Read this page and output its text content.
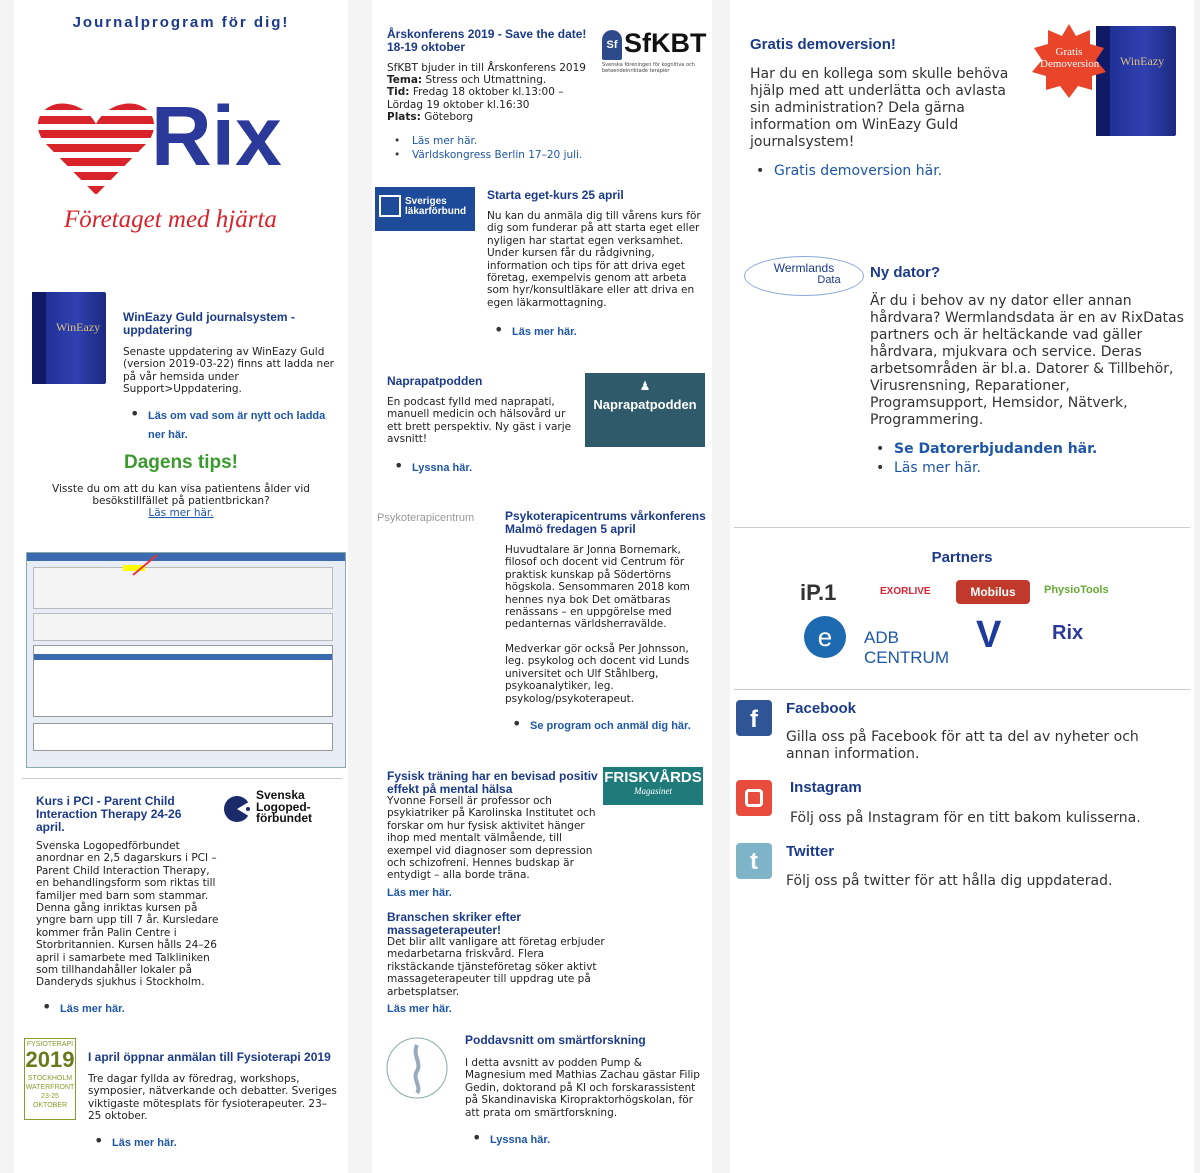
Journalprogram för dig!
Rix
Företaget med hjärta
WinEazy
WinEazy Guld journalsystem - uppdatering
Senaste uppdatering av WinEazy Guld (version 2019-03-22) finns att ladda ner på vår hemsida under Support>Uppdatering.
• Läs om vad som är nytt och ladda ner här.
Dagens tips!
Visste du om att du kan visa patientens ålder vid besökstillfället på patientbrickan?
Läs mer här.
Kurs i PCI - Parent Child Interaction Therapy 24-26 april.
Svenska Logoped-förbundet
Svenska Logopedförbundet anordnar en 2,5 dagarskurs i PCI – Parent Child Interaction Therapy, en behandlingsform som riktas till familjer med barn som stammar. Denna gång inriktas kursen på yngre barn upp till 7 år. Kursledare kommer från Palin Centre i Storbritannien. Kursen hålls 24–26 april i samarbete med Talkliniken som tillhandahåller lokaler på Danderyds sjukhus i Stockholm.
• Läs mer här.
FYSIOTERAPI
2019
STOCKHOLM WATERFRONT 23-25 OKTOBER
I april öppnar anmälan till Fysioterapi 2019
Tre dagar fyllda av föredrag, workshops, symposier, nätverkande och debatter. Sveriges viktigaste mötesplats för fysioterapeuter. 23–25 oktober.
• Läs mer här.
Årskonferens 2019 - Save the date! 18-19 oktober	Sf SfKBT
Svenska föreningen för kognitiva och beteendeinriktade terapier
SfKBT bjuder in till Årskonferens 2019
Tema: Stress och Utmattning.
Tid: Fredag 18 oktober kl.13:00 – Lördag 19 oktober kl.16:30
Plats: Göteborg
• Läs mer här.
• Världskongress Berlin 17–20 juli.
Sveriges läkarförbund
Starta eget-kurs 25 april
Nu kan du anmäla dig till vårens kurs för dig som funderar på att starta eget eller nyligen har startat egen verksamhet. Under kursen får du rådgivning, information och tips för att driva eget företag, exempelvis genom att arbeta som hyr/konsultläkare eller att driva en egen läkarmottagning.
• Läs mer här.
Naprapatpodden	♟
Naprapatpodden
En podcast fylld med naprapati, manuell medicin och hälsovård ur ett brett perspektiv. Ny gäst i varje avsnitt!
• Lyssna här.
Psykoterapicentrum	Psykoterapicentrums vårkonferens Malmö fredagen 5 april
Huvudtalare är Jonna Bornemark, filosof och docent vid Centrum för praktisk kunskap på Södertörns högskola. Sensommaren 2018 kom hennes nya bok Det omätbaras renässans – en uppgörelse med pedanternas världsherravälde.
Medverkar gör också Per Johnsson, leg. psykolog och docent vid Lunds universitet och Ulf Ståhlberg, psykoanalytiker, leg. psykolog/psykoterapeut.
• Se program och anmäl dig här.
Fysisk träning har en bevisad positiv effekt på mental hälsa
FRISKVÅRDS
Magasinet
Yvonne Forsell är professor och psykiatriker på Karolinska Institutet och forskar om hur fysisk aktivitet hänger ihop med mentalt välmående, till exempel vid diagnoser som depression och schizofreni. Hennes budskap är entydigt – alla borde träna.
Läs mer här.
Branschen skriker efter massageterapeuter!
Det blir allt vanligare att företag erbjuder medarbetarna friskvård. Flera rikstäckande tjänsteföretag söker aktivt massageterapeuter till uppdrag ute på arbetsplatser.
Läs mer här.
Poddavsnitt om smärtforskning
I detta avsnitt av podden Pump & Magnesium med Mathias Zachau gästar Filip Gedin, doktorand på KI och forskarassistent på Skandinaviska Kiropraktorhögskolan, för att prata om smärtforskning.
• Lyssna här.
Gratis demoversion!
Har du en kollega som skulle behöva hjälp med att underlätta och avlasta sin administration? Dela gärna information om WinEazy Guld journalsystem!
• Gratis demoversion här.
WinEazy
Gratis Demoversion
Wermlands
Data	Ny dator?
Är du i behov av ny dator eller annan hårdvara? Wermlandsdata är en av RixDatas partners och är heltäckande vad gäller hårdvara, mjukvara och service. Deras arbetsområden är bl.a. Datorer & Tillbehör, Virusrensning, Reparationer, Programsupport, Hemsidor, Nätverk, Programmering.
• Se Datorerbjudanden här.
• Läs mer här.
Partners
iP.1	EXORLIVE	Mobilus	PhysioTools
e	ADB CENTRUM
V	Rix
f	Facebook
Gilla oss på Facebook för att ta del av nyheter och annan information.
Instagram
Följ oss på Instagram för en titt bakom kulisserna.
t	Twitter
Följ oss på twitter för att hålla dig uppdaterad.
